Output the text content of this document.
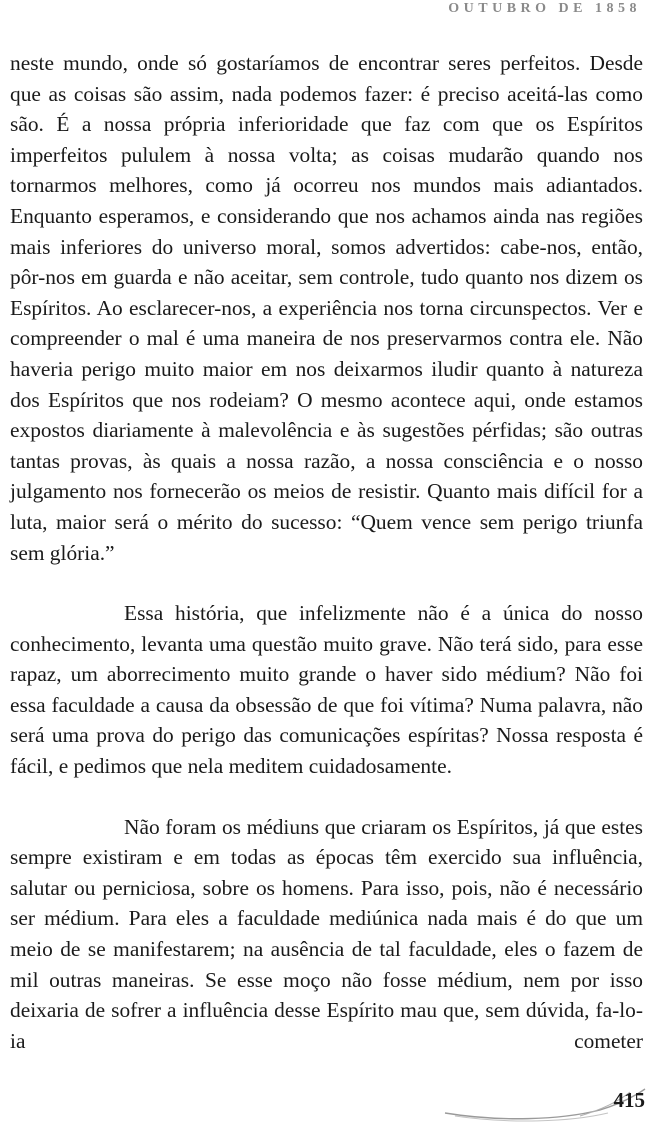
OUTUBRO DE 1858

neste mundo, onde só gostaríamos de encontrar seres perfeitos. Desde que as coisas são assim, nada podemos fazer: é preciso aceitá-las como são. É a nossa própria inferioridade que faz com que os Espíritos imperfeitos pululem à nossa volta; as coisas mudarão quando nos tornarmos melhores, como já ocorreu nos mundos mais adiantados. Enquanto esperamos, e considerando que nos achamos ainda nas regiões mais inferiores do universo moral, somos advertidos: cabe-nos, então, pôr-nos em guarda e não aceitar, sem controle, tudo quanto nos dizem os Espíritos. Ao esclarecer-nos, a experiência nos torna circunspectos. Ver e compreender o mal é uma maneira de nos preservarmos contra ele. Não haveria perigo muito maior em nos deixarmos iludir quanto à natureza dos Espíritos que nos rodeiam? O mesmo acontece aqui, onde estamos expostos diariamente à malevolência e às sugestões pérfidas; são outras tantas provas, às quais a nossa razão, a nossa consciência e o nosso julgamento nos fornecerão os meios de resistir. Quanto mais difícil for a luta, maior será o mérito do sucesso: “Quem vence sem perigo triunfa sem glória.”

Essa história, que infelizmente não é a única do nosso conhecimento, levanta uma questão muito grave. Não terá sido, para esse rapaz, um aborrecimento muito grande o haver sido médium? Não foi essa faculdade a causa da obsessão de que foi vítima? Numa palavra, não será uma prova do perigo das comunicações espíritas? Nossa resposta é fácil, e pedimos que nela meditem cuidadosamente.

Não foram os médiuns que criaram os Espíritos, já que estes sempre existiram e em todas as épocas têm exercido sua influência, salutar ou perniciosa, sobre os homens. Para isso, pois, não é necessário ser médium. Para eles a faculdade mediúnica nada mais é do que um meio de se manifestarem; na ausência de tal faculdade, eles o fazem de mil outras maneiras. Se esse moço não fosse médium, nem por isso deixaria de sofrer a influência desse Espírito mau que, sem dúvida, fa-lo-ia cometer

415
